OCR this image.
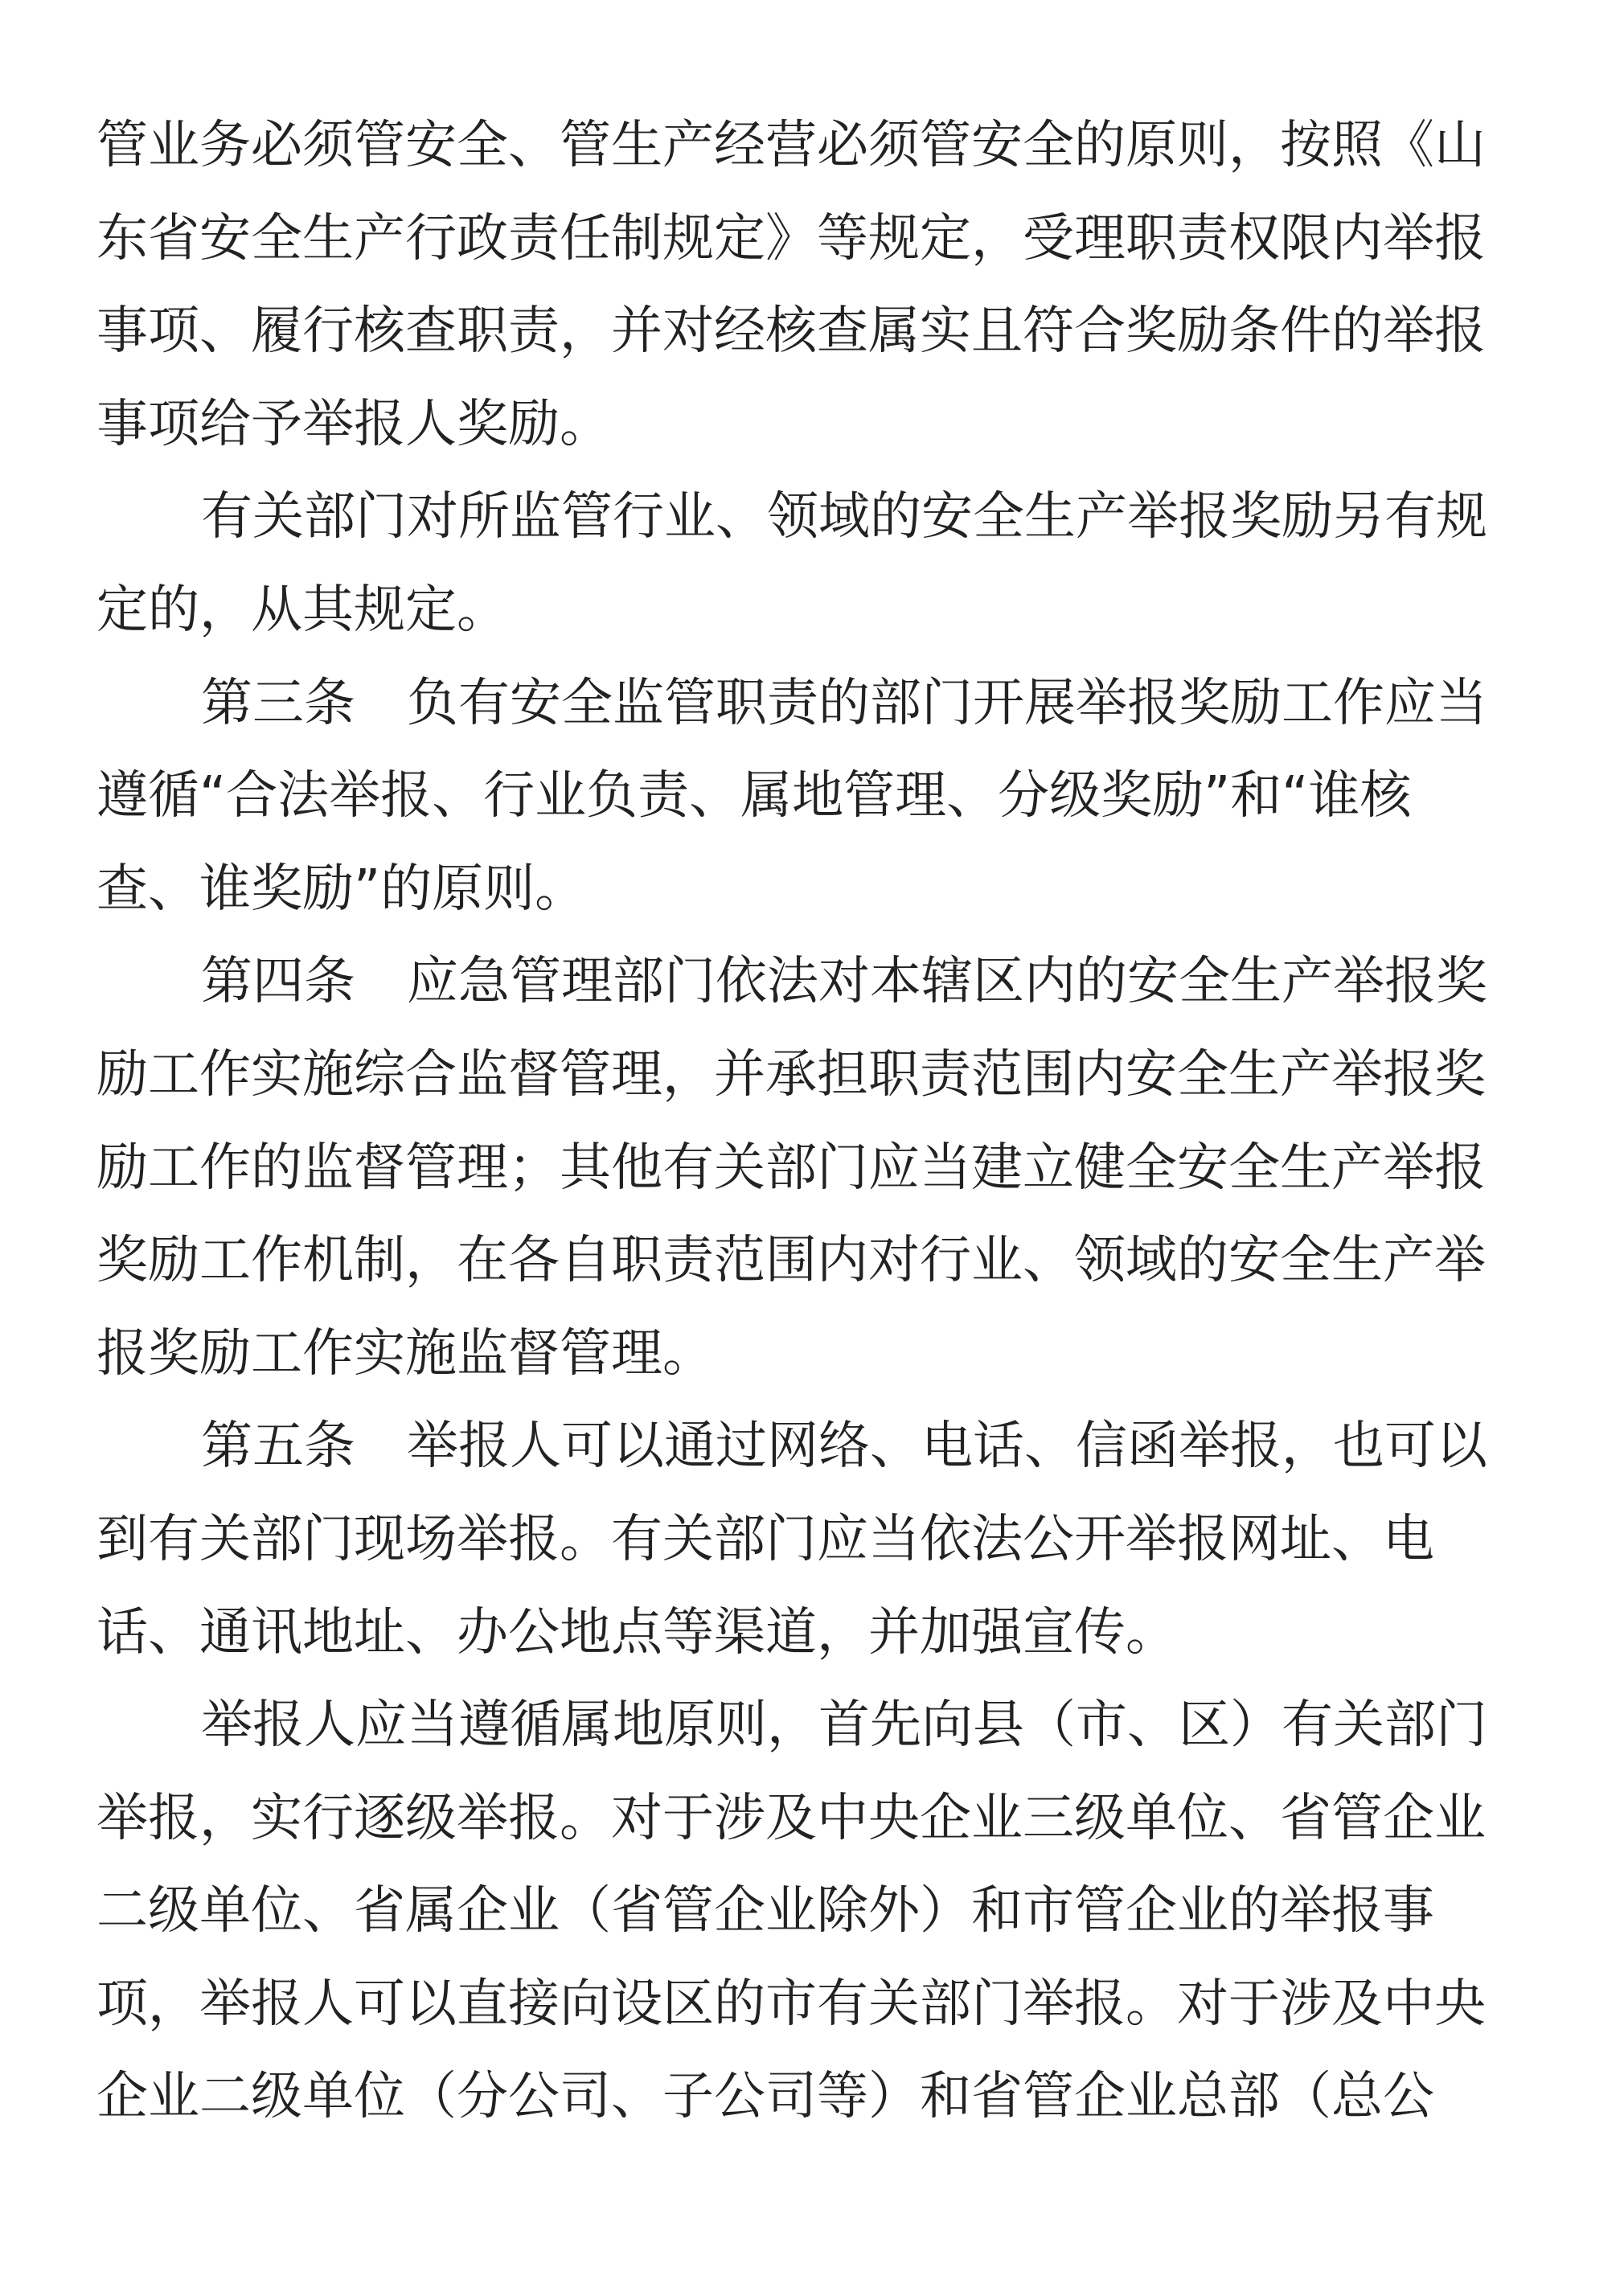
管业务必须管安全、管生产经营必须管安全的原则，按照《山
东省安全生产行政责任制规定》等规定，受理职责权限内举报
事项、履行核查职责，并对经核查属实且符合奖励条件的举报
事项给予举报人奖励。
有关部门对所监管行业、领域的安全生产举报奖励另有规
定的，从其规定。
第三条　负有安全监管职责的部门开展举报奖励工作应当
遵循“合法举报、行业负责、属地管理、分级奖励”和“谁核
查、谁奖励”的原则。
第四条　应急管理部门依法对本辖区内的安全生产举报奖
励工作实施综合监督管理，并承担职责范围内安全生产举报奖
励工作的监督管理；其他有关部门应当建立健全安全生产举报
奖励工作机制，在各自职责范围内对行业、领域的安全生产举
报奖励工作实施监督管理。
第五条　举报人可以通过网络、电话、信函举报，也可以
到有关部门现场举报。有关部门应当依法公开举报网址、电
话、通讯地址、办公地点等渠道，并加强宣传。
举报人应当遵循属地原则，首先向县（市、区）有关部门
举报，实行逐级举报。对于涉及中央企业三级单位、省管企业
二级单位、省属企业（省管企业除外）和市管企业的举报事
项，举报人可以直接向设区的市有关部门举报。对于涉及中央
企业二级单位（分公司、子公司等）和省管企业总部（总公
